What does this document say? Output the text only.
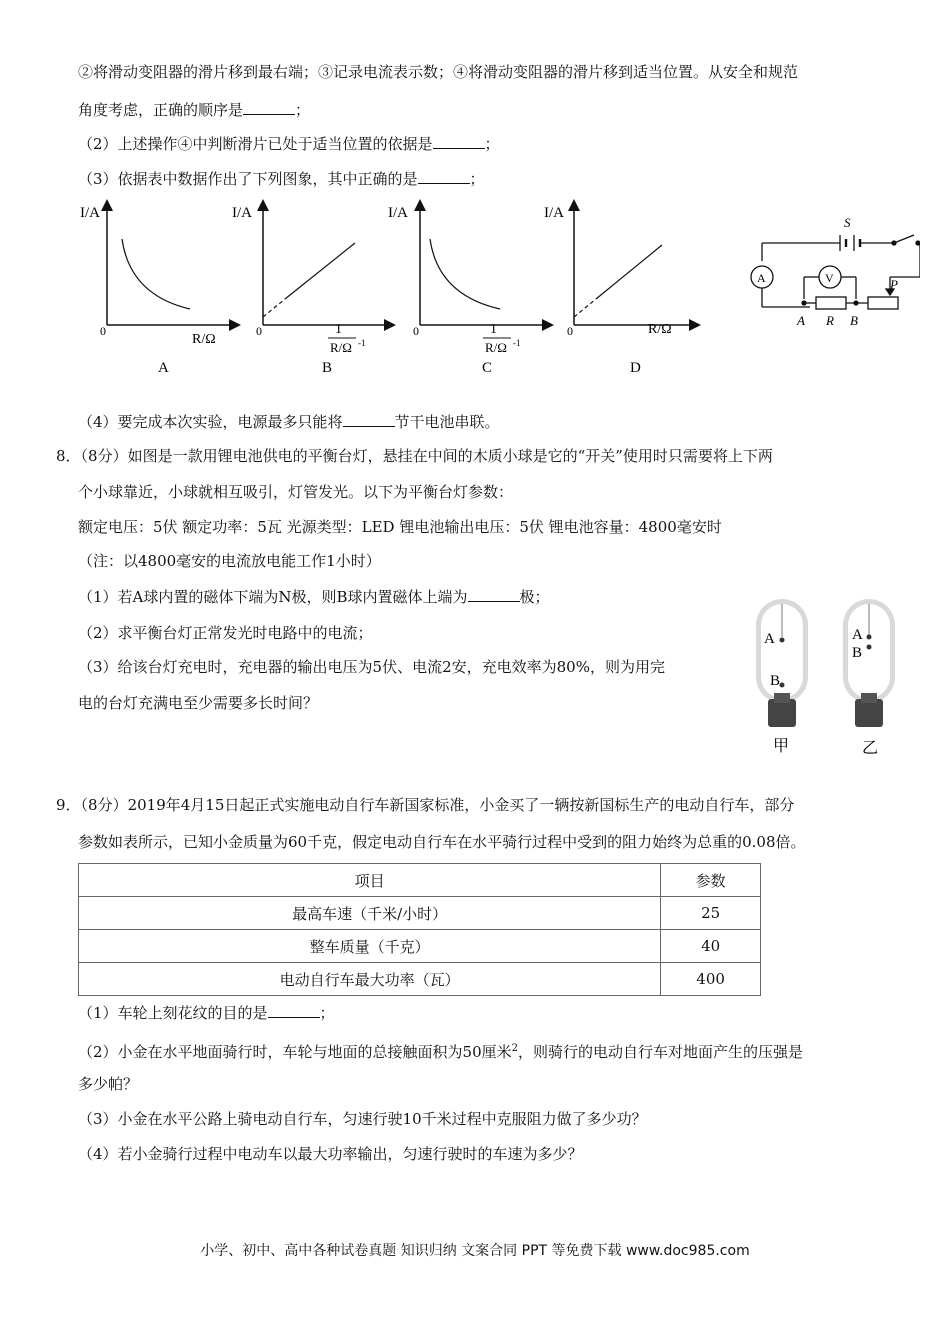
②将滑动变阻器的滑片移到最右端；③记录电流表示数；④将滑动变阻器的滑片移到适当位置。从安全和规范
角度考虑，正确的顺序是	；
（2）上述操作④中判断滑片已处于适当位置的依据是	；
（3）依据表中数据作出了下列图象，其中正确的是	；
I/A
0
R/Ω
A
I/A
0	1
R/Ω -1
B
I/A
0	1
R/Ω -1
C
I/A
0	R/Ω
D
S
A	V
A R B
P
（4）要完成本次实验，电源最多只能将	节干电池串联。
8．（8分）如图是一款用锂电池供电的平衡台灯，悬挂在中间的木质小球是它的“开关”使用时只需要将上下两
个小球靠近，小球就相互吸引，灯管发光。以下为平衡台灯参数：
额定电压：5伏 额定功率：5瓦 光源类型：LED 锂电池输出电压：5伏 锂电池容量：4800毫安时
（注：以4800毫安的电流放电能工作1小时）
（1）若A球内置的磁体下端为N极，则B球内置磁体上端为	极；
（2）求平衡台灯正常发光时电路中的电流；
（3）给该台灯充电时，充电器的输出电压为5伏、电流2安，充电效率为80%，则为用完
电的台灯充满电至少需要多长时间？
A
B
甲
A
B
乙
9．（8分）2019年4月15日起正式实施电动自行车新国家标准，小金买了一辆按新国标生产的电动自行车，部分
参数如表所示，已知小金质量为60千克，假定电动自行车在水平骑行过程中受到的阻力始终为总重的0.08倍。
项目	参数
最高车速（千米/小时）	25
整车质量（千克）	40
电动自行车最大功率（瓦）	400
（1）车轮上刻花纹的目的是	；
（2）小金在水平地面骑行时，车轮与地面的总接触面积为50厘米$^2$，则骑行的电动自行车对地面产生的压强是
多少帕？
（3）小金在水平公路上骑电动自行车，匀速行驶10千米过程中克服阻力做了多少功？
（4）若小金骑行过程中电动车以最大功率输出，匀速行驶时的车速为多少？
小学、初中、高中各种试卷真题 知识归纳 文案合同 PPT 等免费下载 www.doc985.com
